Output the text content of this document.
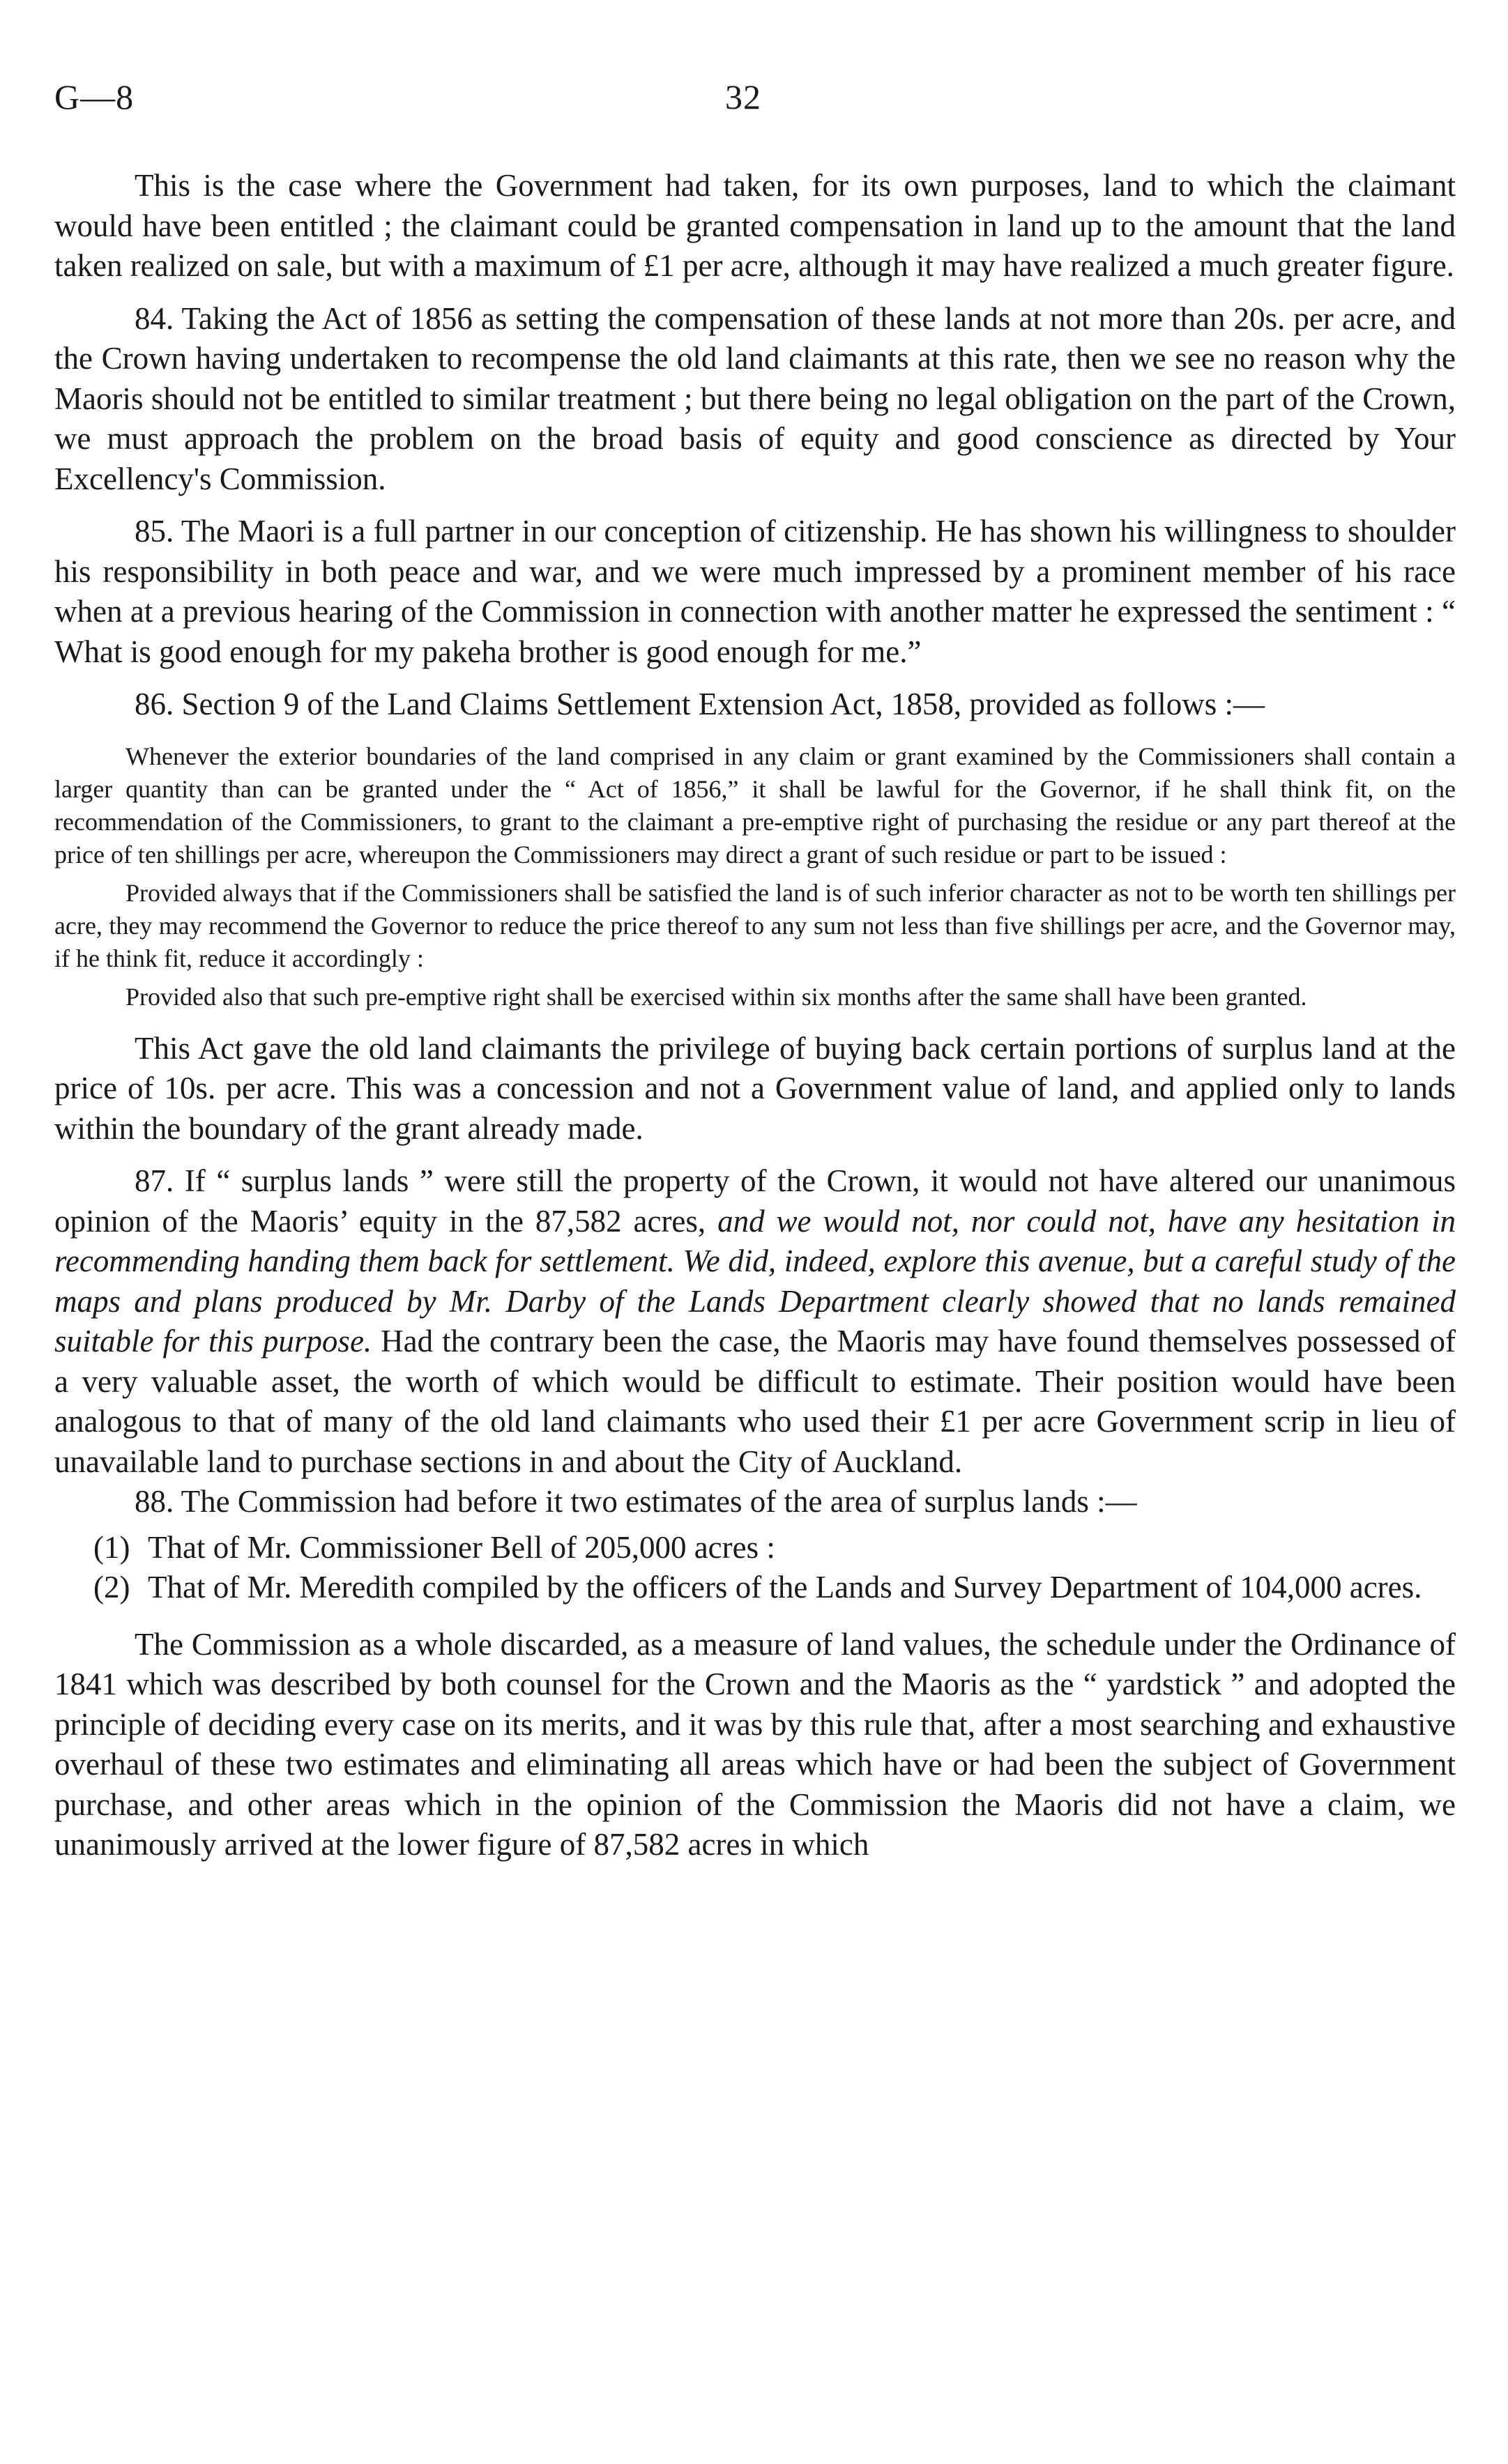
G—8	32

This is the case where the Government had taken, for its own purposes, land to which the claimant would have been entitled ; the claimant could be granted compensation in land up to the amount that the land taken realized on sale, but with a maximum of £1 per acre, although it may have realized a much greater figure.

84. Taking the Act of 1856 as setting the compensation of these lands at not more than 20s. per acre, and the Crown having undertaken to recompense the old land claimants at this rate, then we see no reason why the Maoris should not be entitled to similar treatment ; but there being no legal obligation on the part of the Crown, we must approach the problem on the broad basis of equity and good conscience as directed by Your Excellency's Commission.

85. The Maori is a full partner in our conception of citizenship. He has shown his willingness to shoulder his responsibility in both peace and war, and we were much impressed by a prominent member of his race when at a previous hearing of the Commission in connection with another matter he expressed the sentiment : “ What is good enough for my pakeha brother is good enough for me.”

86. Section 9 of the Land Claims Settlement Extension Act, 1858, provided as follows :—

Whenever the exterior boundaries of the land comprised in any claim or grant examined by the Commissioners shall contain a larger quantity than can be granted under the “ Act of 1856,” it shall be lawful for the Governor, if he shall think fit, on the recommendation of the Commissioners, to grant to the claimant a pre-emptive right of purchasing the residue or any part thereof at the price of ten shillings per acre, whereupon the Commissioners may direct a grant of such residue or part to be issued :

Provided always that if the Commissioners shall be satisfied the land is of such inferior character as not to be worth ten shillings per acre, they may recommend the Governor to reduce the price thereof to any sum not less than five shillings per acre, and the Governor may, if he think fit, reduce it accordingly :

Provided also that such pre-emptive right shall be exercised within six months after the same shall have been granted.

This Act gave the old land claimants the privilege of buying back certain portions of surplus land at the price of 10s. per acre. This was a concession and not a Government value of land, and applied only to lands within the boundary of the grant already made.

87. If “ surplus lands ” were still the property of the Crown, it would not have altered our unanimous opinion of the Maoris’ equity in the 87,582 acres, and we would not, nor could not, have any hesitation in recommending handing them back for settlement. We did, indeed, explore this avenue, but a careful study of the maps and plans produced by Mr. Darby of the Lands Department clearly showed that no lands remained suitable for this purpose. Had the contrary been the case, the Maoris may have found themselves possessed of a very valuable asset, the worth of which would be difficult to estimate. Their position would have been analogous to that of many of the old land claimants who used their £1 per acre Government scrip in lieu of unavailable land to purchase sections in and about the City of Auckland.

88. The Commission had before it two estimates of the area of surplus lands :—

(1) That of Mr. Commissioner Bell of 205,000 acres :
(2) That of Mr. Meredith compiled by the officers of the Lands and Survey Department of 104,000 acres.

The Commission as a whole discarded, as a measure of land values, the schedule under the Ordinance of 1841 which was described by both counsel for the Crown and the Maoris as the “ yardstick ” and adopted the principle of deciding every case on its merits, and it was by this rule that, after a most searching and exhaustive overhaul of these two estimates and eliminating all areas which have or had been the subject of Government purchase, and other areas which in the opinion of the Commission the Maoris did not have a claim, we unanimously arrived at the lower figure of 87,582 acres in which
